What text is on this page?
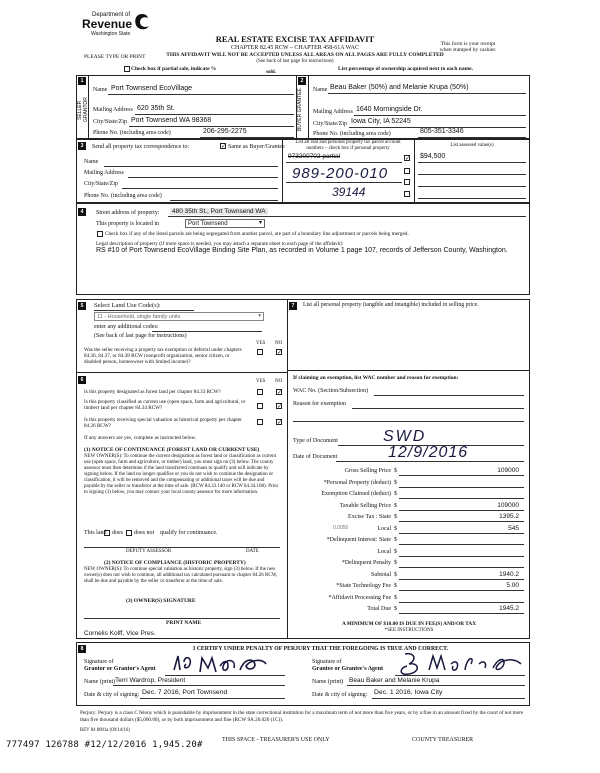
Department of
Revenue
Washington State	REAL ESTATE EXCISE TAX AFFIDAVIT
CHAPTER 82.45 RCW – CHAPTER 458-61A WAC
THIS AFFIDAVIT WILL NOT BE ACCEPTED UNLESS ALL AREAS ON ALL PAGES ARE FULLY COMPLETED
(See back of last page for instructions)
PLEASE TYPE OR PRINT
This form is your receipt
when stamped by cashier.
Check box if partial sale, indicate %
sold.
List percentage of ownership acquired next to each name.
SELLER GRANTOR	BUYER GRANTEE
1	2
Name Port Townsend EcoVillage
Mailing Address 620 35th St.
City/State/Zip Port Townsend WA 98368
Phone No. (including area code)	206-295-2275
Name Beau Baker (50%) and Melanie Krupa (50%)
Mailing Address 1640 Morningside Dr.
City/State/Zip Iowa City, IA 52245
Phone No. (including area code)	805-351-3346
3	Send all property tax correspondence to:	✓ Same as Buyer/Grantee
Name
Mailing Address
City/State/Zip
Phone No. (including area code)
List all real and personal property tax parcel account
numbers – check box if personal property
List assessed value(s)
973200702 partial	✓ $94,500
989-200-010
39144
4	Street address of property:	480 35th St., Port Townsend WA
This property is located in	Port Townsend	▾
Check box if any of the listed parcels are being segregated from another parcel, are part of a boundary line adjustment or parcels being merged.
Legal description of property (if more space is needed, you may attach a separate sheet to each page of the affidavit)
RS #10 of Port Townsend EcoVillage Binding Site Plan, as recorded in Volume 1 page 107, records of Jefferson County, Washington.
5	Select Land Use Code(s):
11 - Household, single family units	▾
enter any additional codes:
(See back of last page for instructions)
YES NO
Was the seller receiving a property tax exemption or deferral under chapters 84.36, 84.37, or 84.38 RCW (nonprofit organization, senior citizen, or disabled person, homeowner with limited income)?
✓
6	YES NO
Is this property designated as forest land per chapter 84.33 RCW?	✓
Is this property classified as current use (open space, farm and agricultural, or timber) land per chapter 84.34 RCW?	✓
Is this property receiving special valuation as historical property per chapter 84.26 RCW?	✓
If any answers are yes, complete as instructed below.
(1) NOTICE OF CONTINUANCE (FOREST LAND OR CURRENT USE)
NEW OWNER(S): To continue the current designation as forest land or classification as current use (open space, farm and agriculture, or timber) land, you must sign on (3) below. The county assessor must then determine if the land transferred continues to qualify and will indicate by signing below. If the land no longer qualifies or you do not wish to continue the designation or classification, it will be removed and the compensating or additional taxes will be due and payable by the seller or transferor at the time of sale. (RCW 84.33.140 or RCW 84.34.108). Prior to signing (3) below, you may contact your local county assessor for more information.
This land does does not qualify for continuance.
DEPUTY ASSESSOR	DATE
(2) NOTICE OF COMPLIANCE (HISTORIC PROPERTY)
NEW OWNER(S): To continue special valuation as historic property, sign (3) below. If the new owner(s) does not wish to continue, all additional tax calculated pursuant to chapter 84.26 RCW, shall be due and payable by the seller or transferor at the time of sale.
(3) OWNER(S) SIGNATURE
PRINT NAME
Cornelis Kolff, Vice Pres.
7	List all personal property (tangible and intangible) included in selling price.
If claiming an exemption, list WAC number and reason for exemption:
WAC No. (Section/Subsection)
Reason for exemption
Type of Document	SWD
Date of Document	12/9/2016
Gross Selling Price $	109000
*Personal Property (deduct) $
Exemption Claimed (deduct) $
Taxable Selling Price $	109000
Excise Tax : State $	1395.2
Local $	545
0.0050
*Delinquent Interest: State $
Local $
*Delinquent Penalty $
Subtotal $	1940.2
*State Technology Fee $	5.00
*Affidavit Processing Fee $
Total Due $	1945.2
A MINIMUM OF $10.00 IS DUE IN FEE(S) AND/OR TAX
*SEE INSTRUCTIONS
8	I CERTIFY UNDER PENALTY OF PERJURY THAT THE FOREGOING IS TRUE AND CORRECT.
Signature of
Grantor or Grantor's Agent
Name (print) Terri Wardrop, President
Date & city of signing: Dec. 7 2016, Port Townsend
Signature of
Grantee or Grantee's Agent
Name (print) Beau Baker and Melanie Krupa
Date & city of signing: Dec. 1 2016, Iowa City
Perjury: Perjury is a class C felony which is punishable by imprisonment in the state correctional institution for a maximum term of not more than five years, or by a fine in an amount fixed by the court of not more than five thousand dollars ($5,000.00), or by both imprisonment and fine (RCW 9A.20.020 (1C)).
REV 84 0001a (09/14/16)
THIS SPACE - TREASURER'S USE ONLY	COUNTY TREASURER
777497 126788 #12/12/2016 1,945.20#
